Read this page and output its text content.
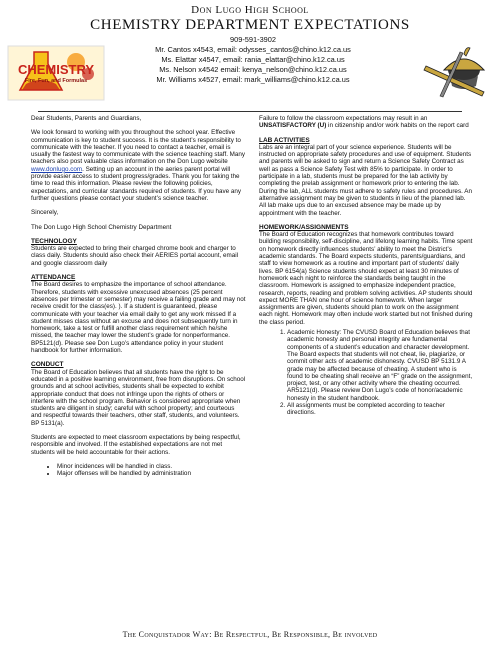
Don Lugo High School
CHEMISTRY DEPARTMENT EXPECTATIONS
909-591-3902
Mr. Cantos x4543, email: odysses_cantos@chino.k12.ca.us
Ms. Elattar x4547, email: rania_elattar@chino.k12.ca.us
Ms. Nelson x4542 email: kenya_nelson@chino.k12.ca.us
Mr. Williams x4527, email: mark_williams@chino.k12.ca.us
CHEMISTRY
Fire, Fun, and Formulas

Dear Students, Parents and Guardians,

We look forward to working with you throughout the school year. Effective communication is key to student success. It is the student’s responsibility to communicate with the teacher. If you need to contact a teacher, email is usually the fastest way to communicate with the science teaching staff. Many teachers also post valuable class information on the Don Lugo website www.donlugo.com. Setting up an account in the aeries parent portal will provide easier access to student progress/grades. Thank you for taking the time to read this information. Please review the following policies, expectations, and curricular standards required of students. If you have any further questions please contact your student’s science teacher.

Sincerely,

The Don Lugo High School Chemistry Department

TECHNOLOGY

Students are expected to bring their charged chrome book and charger to class daily. Students should also check their AERIES portal account, email and google classroom daily

ATTENDANCE

The Board desires to emphasize the importance of school attendance. Therefore, students with excessive unexcused absences (25 percent absences per trimester or semester) may receive a failing grade and may not receive credit for the class(es). ). If a student is guaranteed, please communicate with your teacher via email daily to get any work missed If a student misses class without an excuse and does not subsequently turn in homework, take a test or fulfill another class requirement which he/she missed, the teacher may lower the student’s grade for nonperformance. BP5121(d). Please see Don Lugo’s attendance policy in your student handbook for further information.

CONDUCT

The Board of Education believes that all students have the right to be educated in a positive learning environment, free from disruptions. On school grounds and at school activities, students shall be expected to exhibit appropriate conduct that does not infringe upon the rights of others or interfere with the school program. Behavior is considered appropriate when students are diligent in study; careful with school property; and courteous and respectful towards their teachers, other staff, students, and volunteers. BP 5131(a).

Students are expected to meet classroom expectations by being respectful, responsible and involved. If the established expectations are not met students will be held accountable for their actions.

• Minor incidences will be handled in class.
• Major offenses will be handled by administration

Failure to follow the classroom expectations may result in an UNSATISFACTORY (U) in citizenship and/or work habits on the report card

LAB ACTIVITIES

Labs are an integral part of your science experience. Students will be instructed on appropriate safety procedures and use of equipment. Students and parents will be asked to sign and return a Science Safety Contract as well as pass a Science Safety Test with 85% to participate. In order to participate in a lab, students must be prepared for the lab activity by completing the prelab assignment or homework prior to entering the lab. During the lab, ALL students must adhere to safety rules and procedures. An alternative assignment may be given to students in lieu of the planned lab. All lab make ups due to an excused absence may be made up by appointment with the teacher.

HOMEWORK/ASSIGNMENTS

The Board of Education recognizes that homework contributes toward building responsibility, self-discipline, and lifelong learning habits. Time spent on homework directly influences students’ ability to meet the District’s academic standards. The Board expects students, parents/guardians, and staff to view homework as a routine and important part of students’ daily lives. BP 6154(a) Science students should expect at least 30 minutes of homework each night to reinforce the standards being taught in the classroom. Homework is assigned to emphasize independent practice, research, reports, reading and problem solving activities. AP students should expect MORE THAN one hour of science homework. When larger assignments are given, students should plan to work on the assignment each night. Homework may often include work started but not finished during the class period.

1. Academic Honesty: The CVUSD Board of Education believes that academic honesty and personal integrity are fundamental components of a student’s education and character development. The Board expects that students will not cheat, lie, plagiarize, or commit other acts of academic dishonesty. CVUSD BP 5131.9 A grade may be affected because of cheating. A student who is found to be cheating shall receive an “F” grade on the assignment, project, test, or any other activity where the cheating occurred. AR5121(d). Please review Don Lugo’s code of honor/academic honesty in the student handbook.
2. All assignments must be completed according to teacher directions.
The Conquistador Way: Be Respectful, Be Responsible, Be involved
